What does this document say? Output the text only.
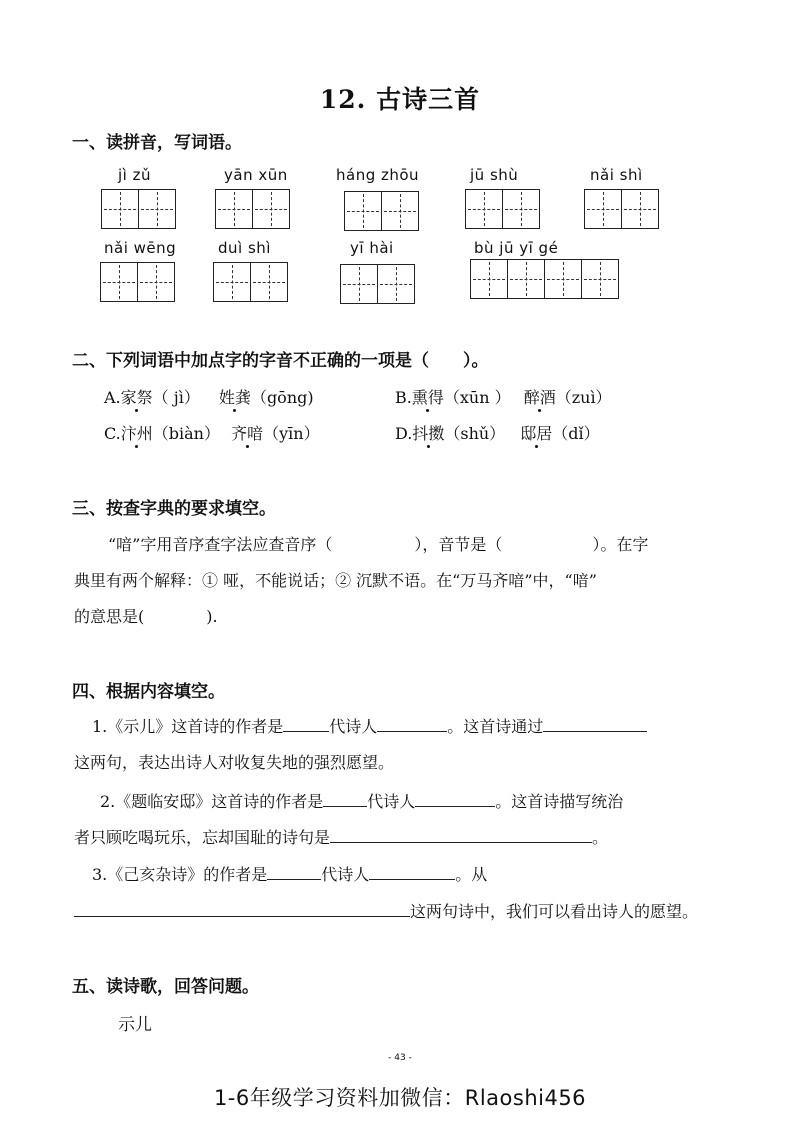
12. 古诗三首
一、读拼音，写词语。
jì zǔ	yān xūn	háng zhōu	jū shù	nǎi shì
nǎi wēng	duì shì	yī hài	bù jū yī gé
二、下列词语中加点字的字音不正确的一项是（　　）。
A.家祭（ jì） 姓龚（gōng)	B.熏得（xūn ） 醉酒（zuì）
C.汴州（biàn） 齐喑（yīn）	D.抖擞（shǔ） 邸居（dǐ）
三、按查字典的要求填空。
“喑”字用音序查字法应查音序（	），音节是（	）。在字
典里有两个解释：① 哑，不能说话；② 沉默不语。在“万马齐喑”中，“喑”
的意思是(	).
四、根据内容填空。
1.《示儿》这首诗的作者是	代诗人	。这首诗通过
这两句，表达出诗人对收复失地的强烈愿望。
2.《题临安邸》这首诗的作者是	代诗人	。这首诗描写统治
者只顾吃喝玩乐，忘却国耻的诗句是	。
3.《己亥杂诗》的作者是	代诗人	。从
这两句诗中，我们可以看出诗人的愿望。
五、读诗歌，回答问题。
示儿
- 43 -
1-6年级学习资料加微信：Rlaoshi456
